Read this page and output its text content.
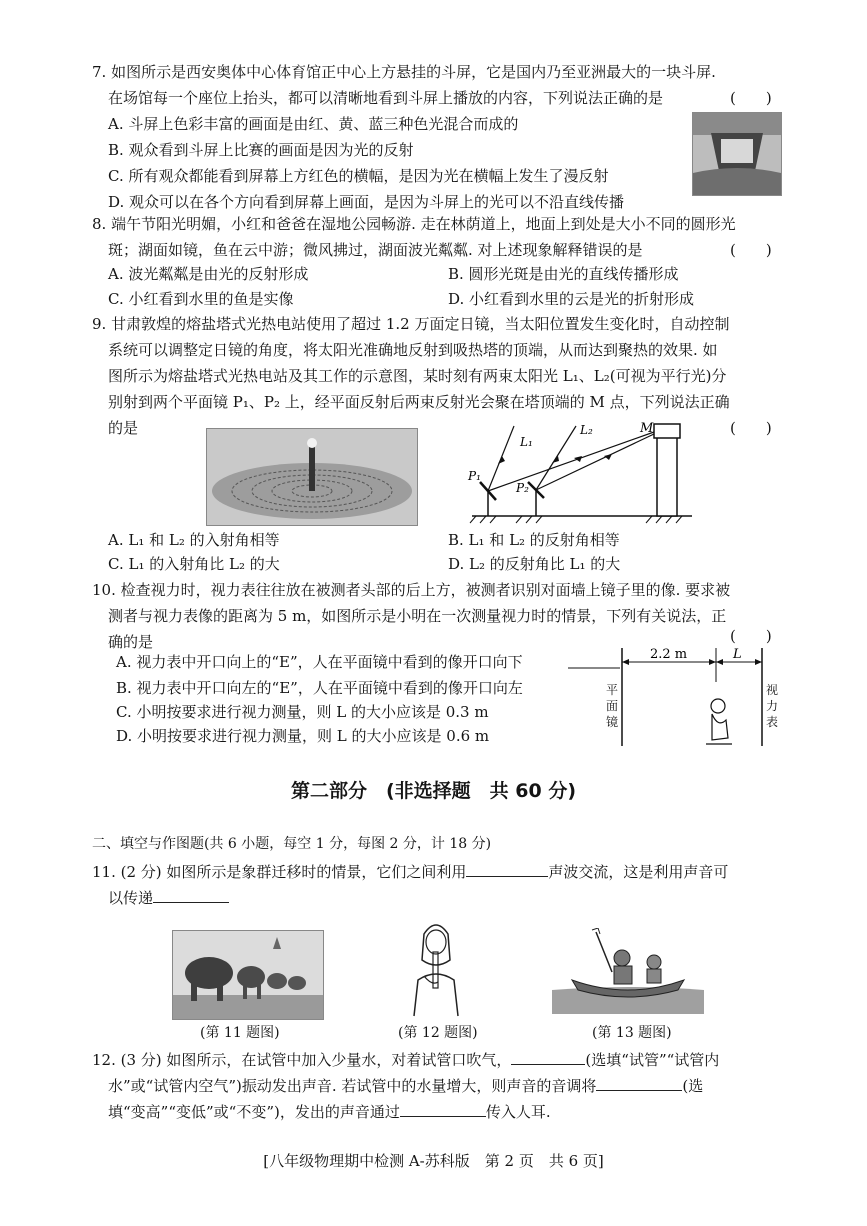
7. 如图所示是西安奥体中心体育馆正中心上方悬挂的斗屏，它是国内乃至亚洲最大的一块斗屏.
在场馆每一个座位上抬头，都可以清晰地看到斗屏上播放的内容，下列说法正确的是	(　　)
A. 斗屏上色彩丰富的画面是由红、黄、蓝三种色光混合而成的
B. 观众看到斗屏上比赛的画面是因为光的反射
C. 所有观众都能看到屏幕上方红色的横幅，是因为光在横幅上发生了漫反射
D. 观众可以在各个方向看到屏幕上画面，是因为斗屏上的光可以不沿直线传播
8. 端午节阳光明媚，小红和爸爸在湿地公园畅游. 走在林荫道上，地面上到处是大小不同的圆形光
斑；湖面如镜，鱼在云中游；微风拂过，湖面波光粼粼. 对上述现象解释错误的是	(　　)
A. 波光粼粼是由光的反射形成	B. 圆形光斑是由光的直线传播形成
C. 小红看到水里的鱼是实像	D. 小红看到水里的云是光的折射形成
9. 甘肃敦煌的熔盐塔式光热电站使用了超过 1.2 万面定日镜，当太阳位置发生变化时，自动控制
系统可以调整定日镜的角度，将太阳光准确地反射到吸热塔的顶端，从而达到聚热的效果. 如
图所示为熔盐塔式光热电站及其工作的示意图，某时刻有两束太阳光 L₁、L₂(可视为平行光)分
别射到两个平面镜 P₁、P₂ 上，经平面反射后两束反射光会聚在塔顶端的 M 点，下列说法正确
的是	(　　)
M
L₁
L₂
P₁
P₂
A. L₁ 和 L₂ 的入射角相等	B. L₁ 和 L₂ 的反射角相等
C. L₁ 的入射角比 L₂ 的大	D. L₂ 的反射角比 L₁ 的大
10. 检查视力时，视力表往往放在被测者头部的后上方，被测者识别对面墙上镜子里的像. 要求被
测者与视力表像的距离为 5 m，如图所示是小明在一次测量视力时的情景，下列有关说法，正
确的是	(　　)
A. 视力表中开口向上的“E”，人在平面镜中看到的像开口向下
B. 视力表中开口向左的“E”，人在平面镜中看到的像开口向左
C. 小明按要求进行视力测量，则 L 的大小应该是 0.3 m
D. 小明按要求进行视力测量，则 L 的大小应该是 0.6 m
2.2 m	L
平面镜
视力表
第二部分　(非选择题　共 60 分)
二、填空与作图题(共 6 小题，每空 1 分，每图 2 分，计 18 分)
11. (2 分) 如图所示是象群迁移时的情景，它们之间利用	声波交流，这是利用声音可
以传递
(第 11 题图)	(第 12 题图)	(第 13 题图)
12. (3 分) 如图所示，在试管中加入少量水，对着试管口吹气，	(选填“试管”“试管内
水”或“试管内空气”)振动发出声音. 若试管中的水量增大，则声音的音调将	(选
填“变高”“变低”或“不变”)，发出的声音通过	传入人耳.
[八年级物理期中检测 A-苏科版　第 2 页　共 6 页]
